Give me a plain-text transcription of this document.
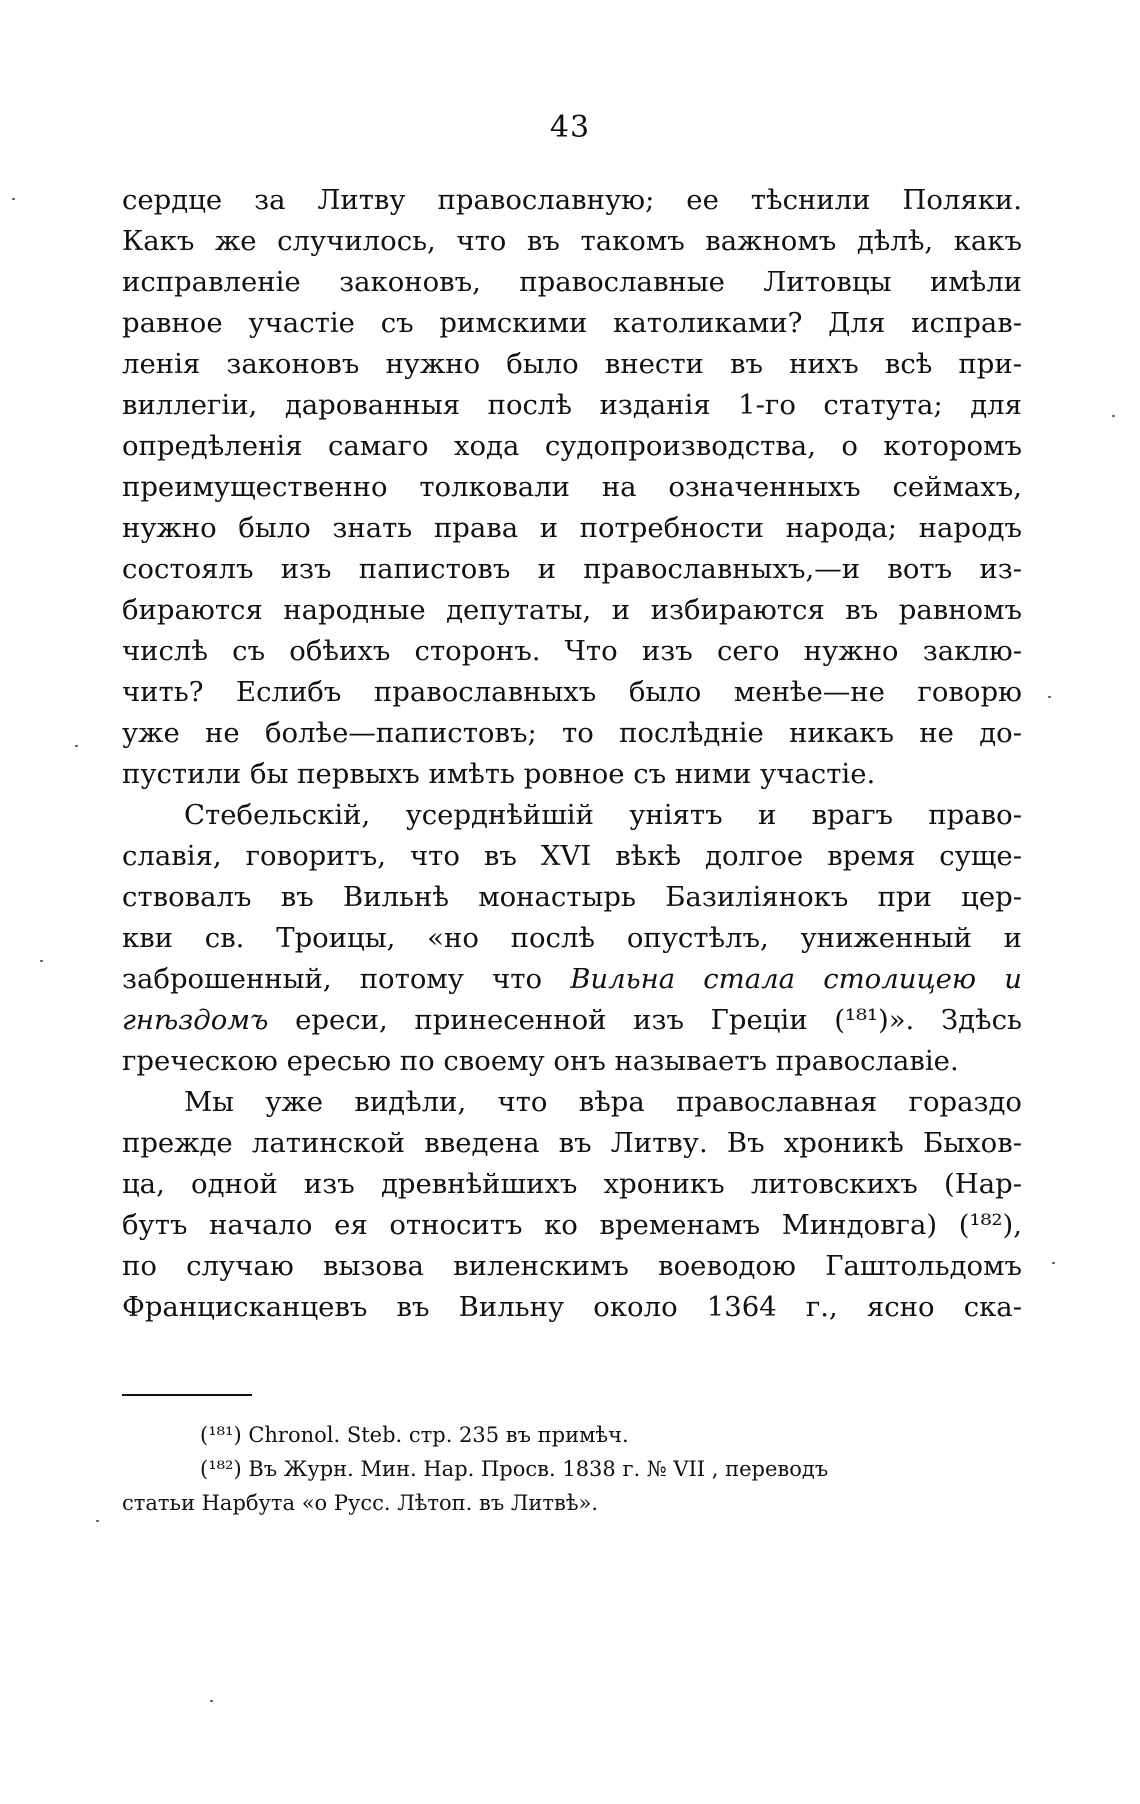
43
сердце за Литву православную; ее тѣснили Поляки.
Какъ же случилось, что въ такомъ важномъ дѣлѣ, какъ
исправленіе законовъ, православные Литовцы имѣли
равное участіе съ римскими католиками? Для исправ-
ленія законовъ нужно было внести въ нихъ всѣ при-
виллегіи, дарованныя послѣ изданія 1-го статута; для
опредѣленія самаго хода судопроизводства, о которомъ
преимущественно толковали на означенныхъ сеймахъ,
нужно было знать права и потребности народа; народъ
состоялъ изъ папистовъ и православныхъ,—и вотъ из-
бираются народные депутаты, и избираются въ равномъ
числѣ съ обѣихъ сторонъ. Что изъ сего нужно заклю-
чить? Еслибъ православныхъ было менѣе—не говорю
уже не болѣе—папистовъ; то послѣдніе никакъ не до-
пустили бы первыхъ имѣть ровное съ ними участіе.
Стебельскій, усерднѣйшій уніятъ и врагъ право-
славія, говоритъ, что въ XVI вѣкѣ долгое время суще-
ствовалъ въ Вильнѣ монастырь Базиліянокъ при цер-
кви св. Троицы, «но послѣ опустѣлъ, униженный и
заброшенный, потому что Вильна стала столицею и
гнѣздомъ ереси, принесенной изъ Греціи (¹⁸¹)». Здѣсь
греческою ересью по своему онъ называетъ православіе.
Мы уже видѣли, что вѣра православная гораздо
прежде латинской введена въ Литву. Въ хроникѣ Быхов-
ца, одной изъ древнѣйшихъ хроникъ литовскихъ (Нар-
бутъ начало ея относитъ ко временамъ Миндовга) (¹⁸²),
по случаю вызова виленскимъ воеводою Гаштольдомъ
Францисканцевъ въ Вильну около 1364 г., ясно ска-
(¹⁸¹) Chronol. Steb. стр. 235 въ примѣч.
(¹⁸²) Въ Журн. Мин. Нар. Просв. 1838 г. № VII , переводъ
статьи Нарбута «о Русс. Лѣтоп. въ Литвѣ».
